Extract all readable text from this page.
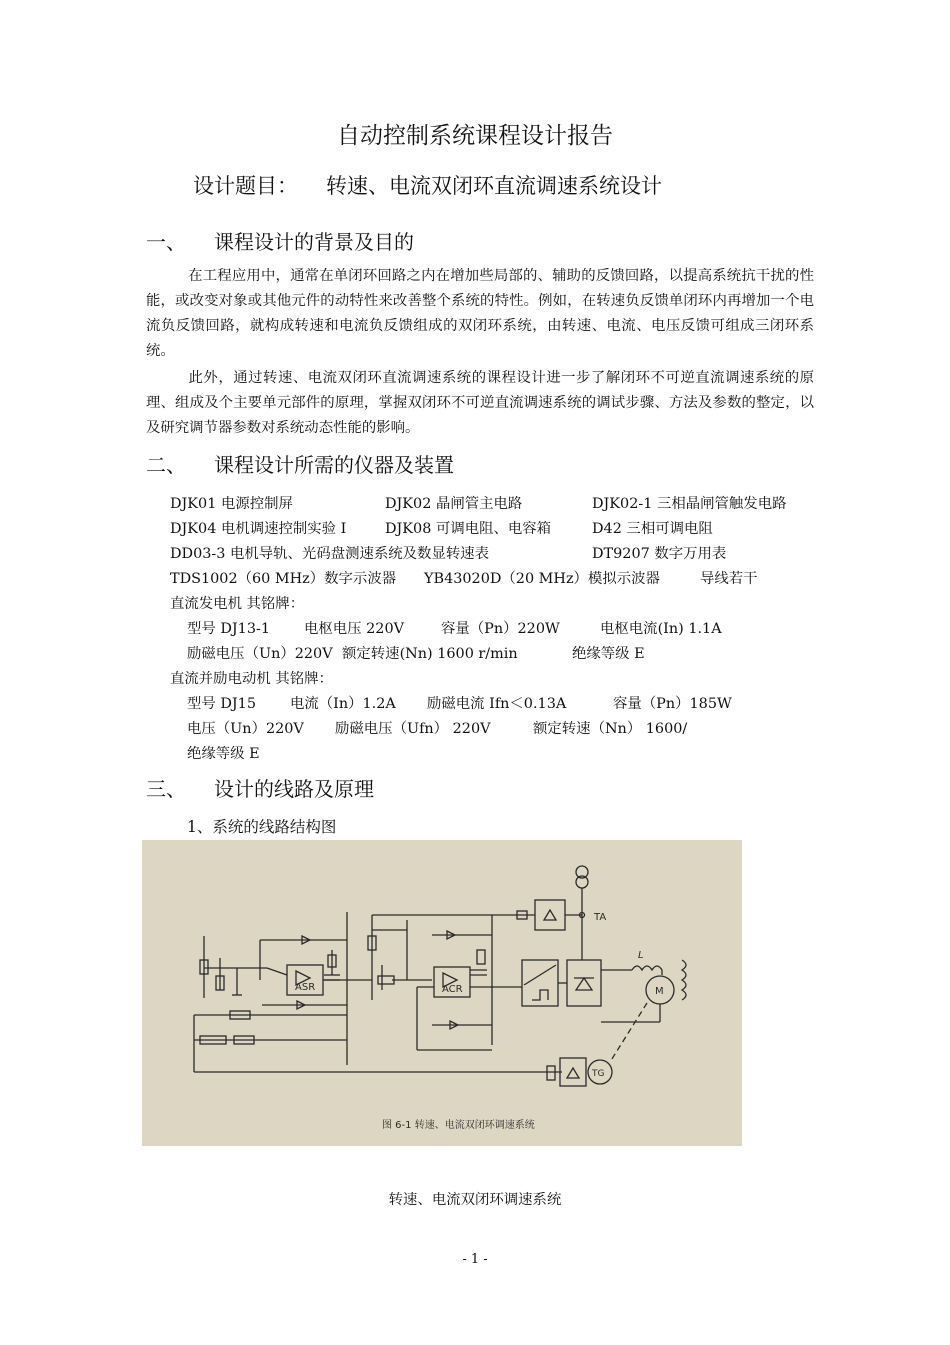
自动控制系统课程设计报告
设计题目： 转速、电流双闭环直流调速系统设计
一、 课程设计的背景及目的
在工程应用中，通常在单闭环回路之内在增加些局部的、辅助的反馈回路，以提高系统抗干扰的性能，或改变对象或其他元件的动特性来改善整个系统的特性。例如，在转速负反馈单闭环内再增加一个电流负反馈回路，就构成转速和电流负反馈组成的双闭环系统，由转速、电流、电压反馈可组成三闭环系统。
此外，通过转速、电流双闭环直流调速系统的课程设计进一步了解闭环不可逆直流调速系统的原理、组成及个主要单元部件的原理，掌握双闭环不可逆直流调速系统的调试步骤、方法及参数的整定，以及研究调节器参数对系统动态性能的影响。
二、 课程设计所需的仪器及装置
DJK01 电源控制屏	DJK02 晶闸管主电路	DJK02-1 三相晶闸管触发电路
DJK04 电机调速控制实验 I	DJK08 可调电阻、电容箱	D42 三相可调电阻
DD03-3 电机导轨、光码盘测速系统及数显转速表	DT9207 数字万用表
TDS1002（60 MHz）数字示波器 YB43020D（20 MHz）模拟示波器	导线若干
直流发电机 其铭牌：
型号 DJ13-1 电枢电压 220V	容量（Pn）220W	电枢电流(In) 1.1A
励磁电压（Un）220V 额定转速(Nn) 1600 r/min	绝缘等级 E
直流并励电动机 其铭牌：
型号 DJ15 电流（In）1.2A 励磁电流 Ifn＜0.13A	容量（Pn）185W
电压（Un）220V 励磁电压（Ufn） 220V	额定转速（Nn） 1600/
绝缘等级 E
三、 设计的线路及原理
1、系统的线路结构图
ASR	ACR
TA
M
TG
L
图 6-1 转速、电流双闭环调速系统
转速、电流双闭环调速系统
- 1 -
